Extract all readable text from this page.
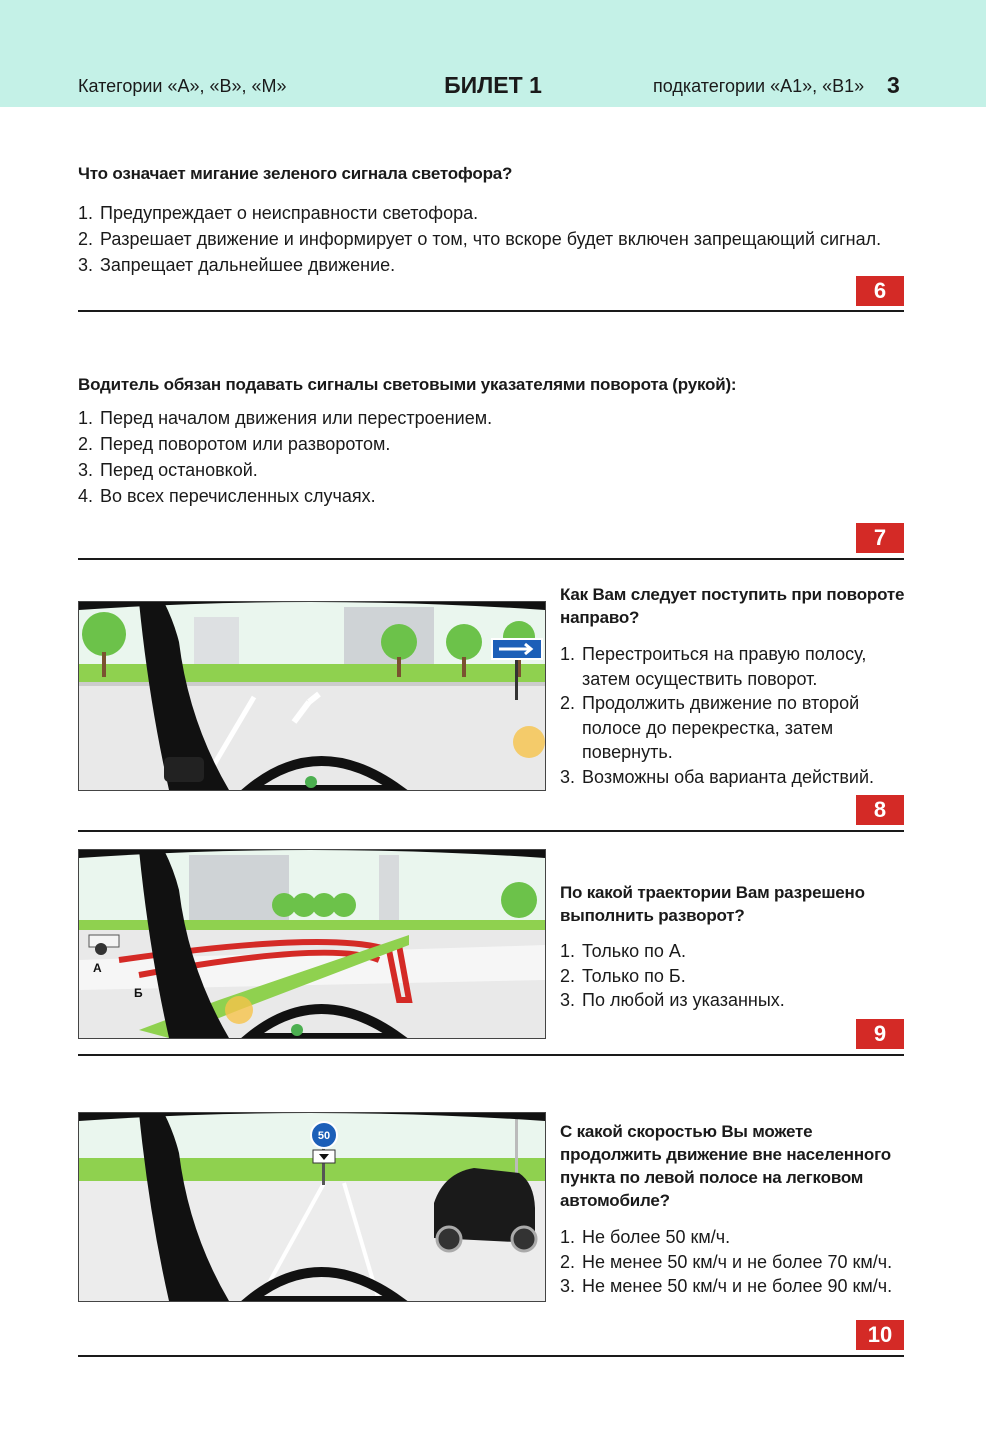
Категории «А», «В», «М»	БИЛЕТ 1	подкатегории «А1», «В1» 3
Что означает мигание зеленого сигнала светофора?
1. Предупреждает о неисправности светофора.
2. Разрешает движение и информирует о том, что вскоре будет включен запрещающий сигнал.
3. Запрещает дальнейшее движение.
6
Водитель обязан подавать сигналы световыми указателями поворота (рукой):
1. Перед началом движения или перестроением.
2. Перед поворотом или разворотом.
3. Перед остановкой.
4. Во всех перечисленных случаях.
7
Как Вам следует поступить при повороте направо?
1. Перестроиться на правую полосу, затем осуществить поворот.
2. Продолжить движение по второй полосе до перекрестка, затем повернуть.
3. Возможны оба варианта действий.
8
А
Б
По какой траектории Вам разрешено выполнить разворот?
1. Только по А.
2. Только по Б.
3. По любой из указанных.
9
50	С какой скоростью Вы можете продолжить движение вне населенного пункта по левой полосе на легковом автомобиле?
1. Не более 50 км/ч.
2. Не менее 50 км/ч и не более 70 км/ч.
3. Не менее 50 км/ч и не более 90 км/ч.
10
